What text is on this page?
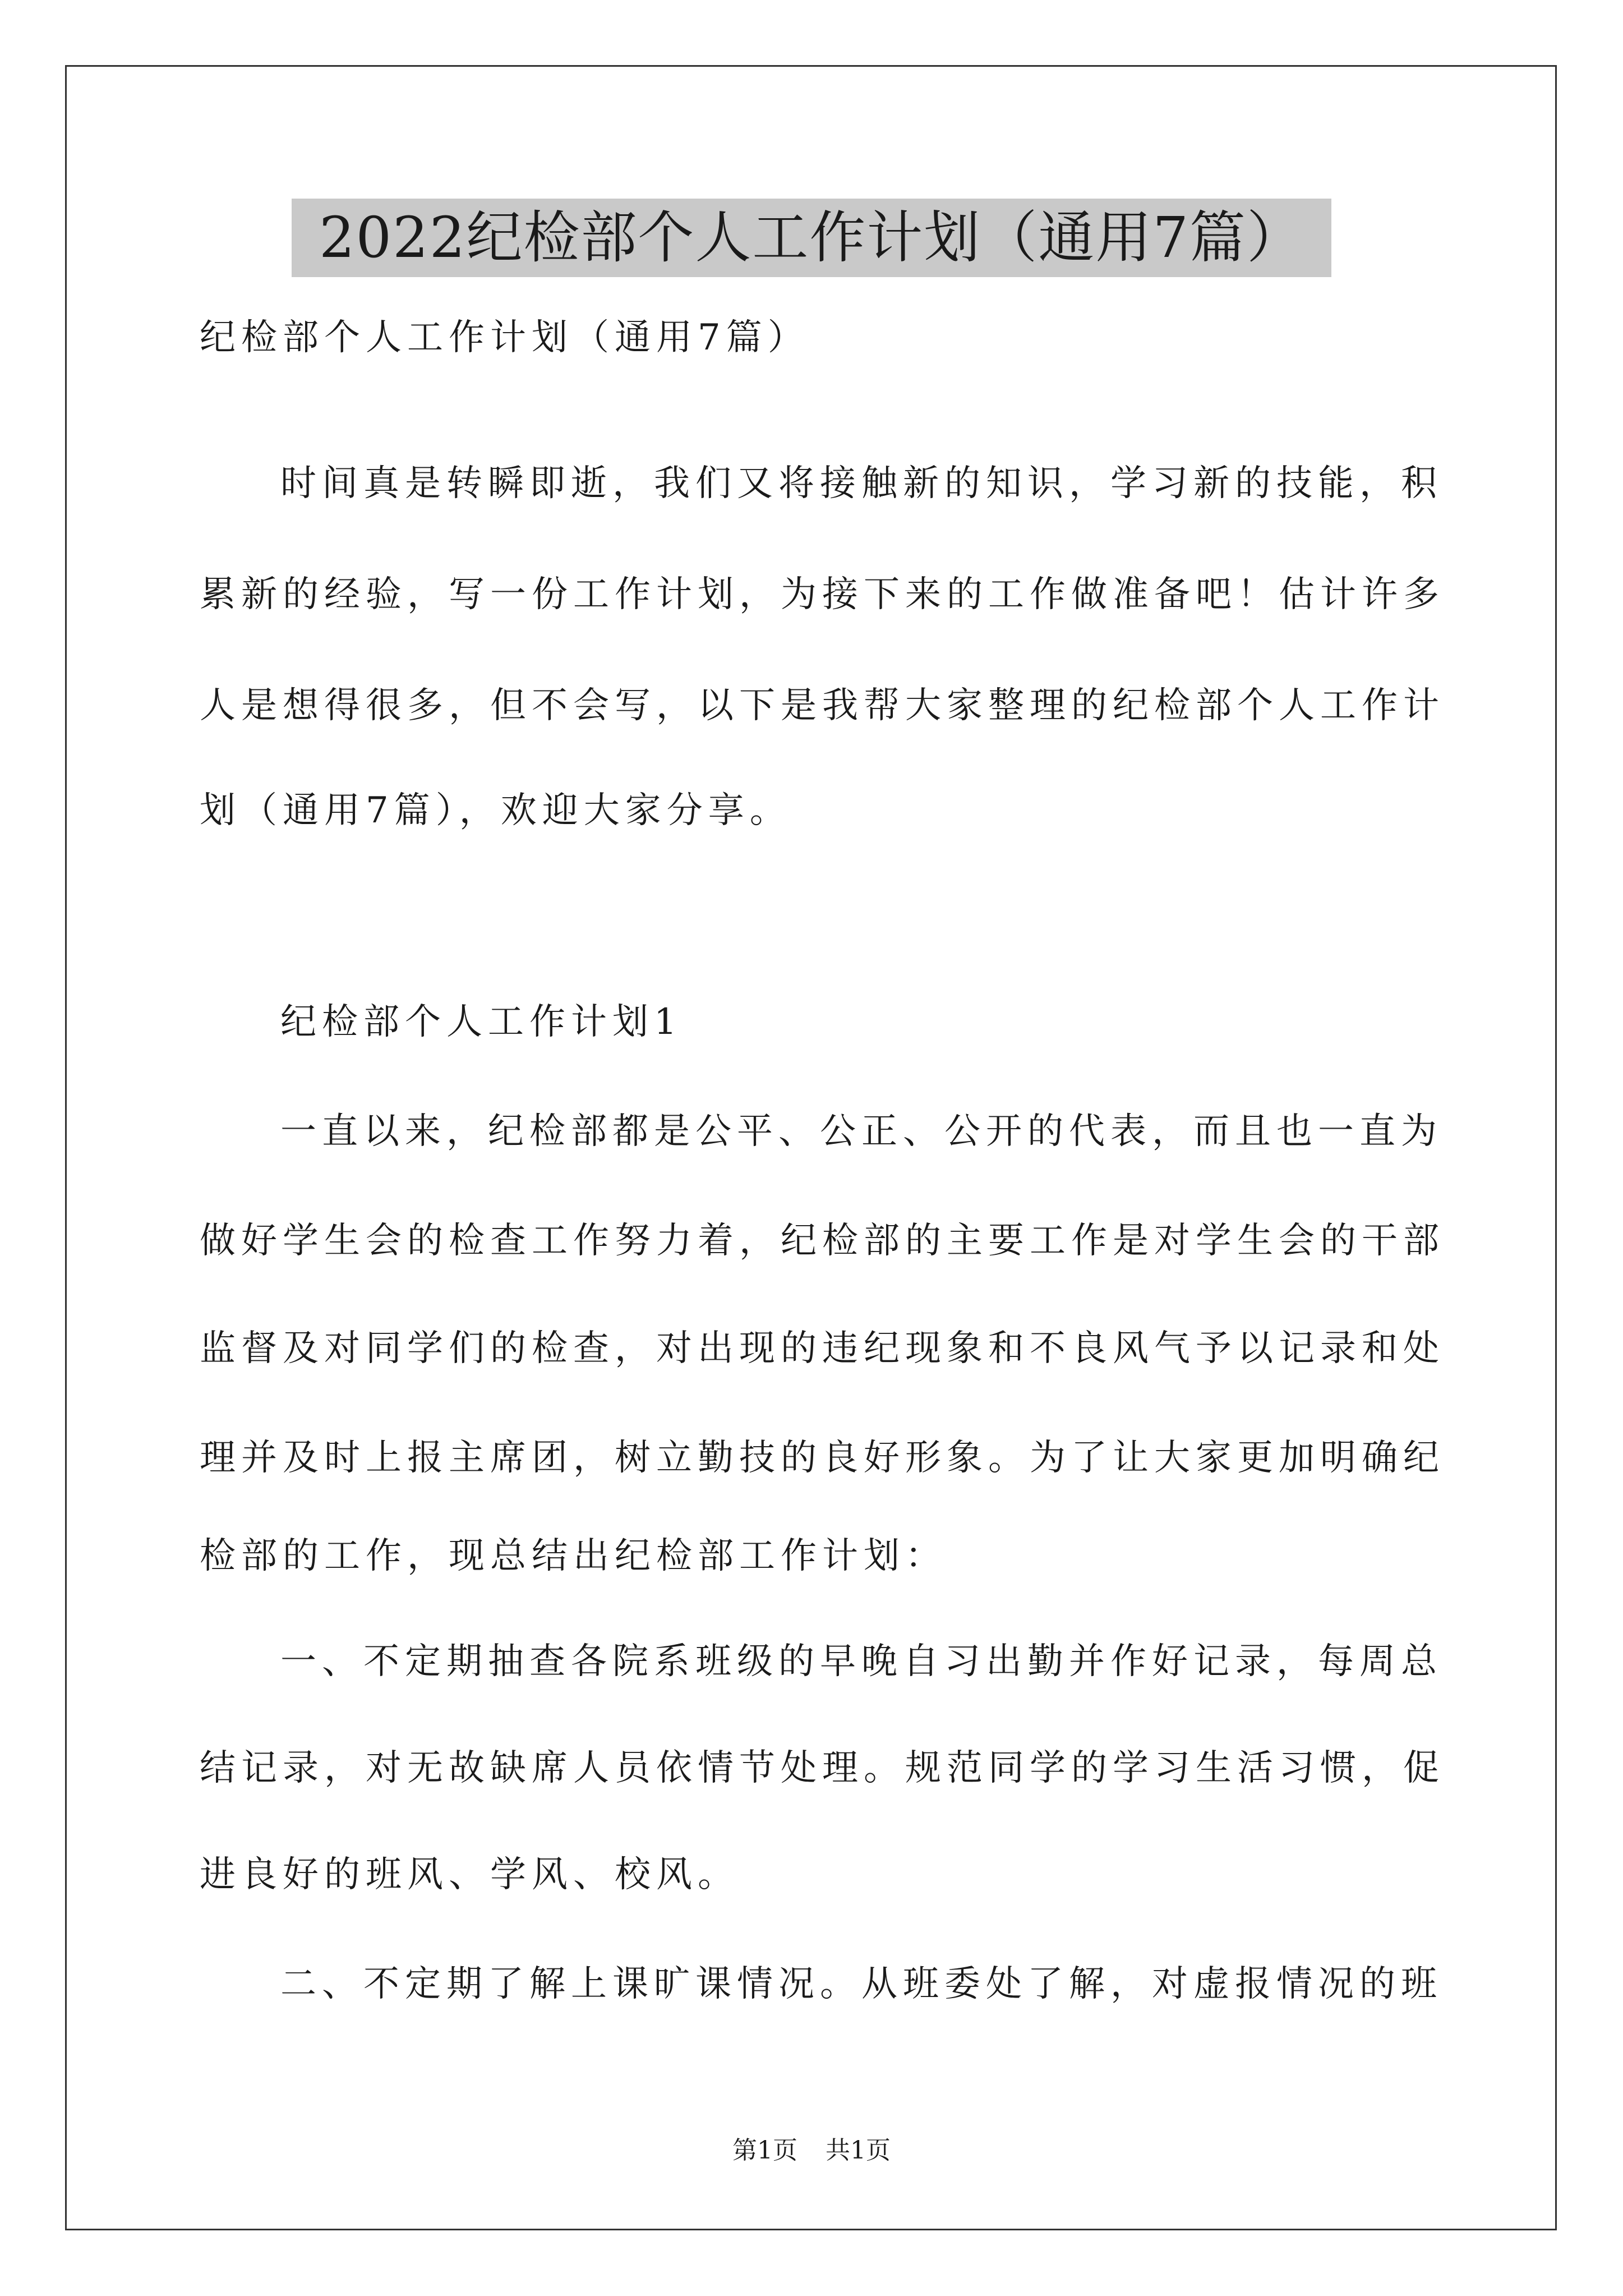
2022纪检部个人工作计划（通用7篇）
纪检部个人工作计划（通用7篇）
时间真是转瞬即逝，我们又将接触新的知识，学习新的技能，积
累新的经验，写一份工作计划，为接下来的工作做准备吧！估计许多
人是想得很多，但不会写，以下是我帮大家整理的纪检部个人工作计
划（通用7篇），欢迎大家分享。
纪检部个人工作计划1
一直以来，纪检部都是公平、公正、公开的代表，而且也一直为
做好学生会的检查工作努力着，纪检部的主要工作是对学生会的干部
监督及对同学们的检查，对出现的违纪现象和不良风气予以记录和处
理并及时上报主席团，树立勤技的良好形象。为了让大家更加明确纪
检部的工作，现总结出纪检部工作计划：
一、不定期抽查各院系班级的早晚自习出勤并作好记录，每周总
结记录，对无故缺席人员依情节处理。规范同学的学习生活习惯，促
进良好的班风、学风、校风。
二、不定期了解上课旷课情况。从班委处了解，对虚报情况的班
第1页 共1页
